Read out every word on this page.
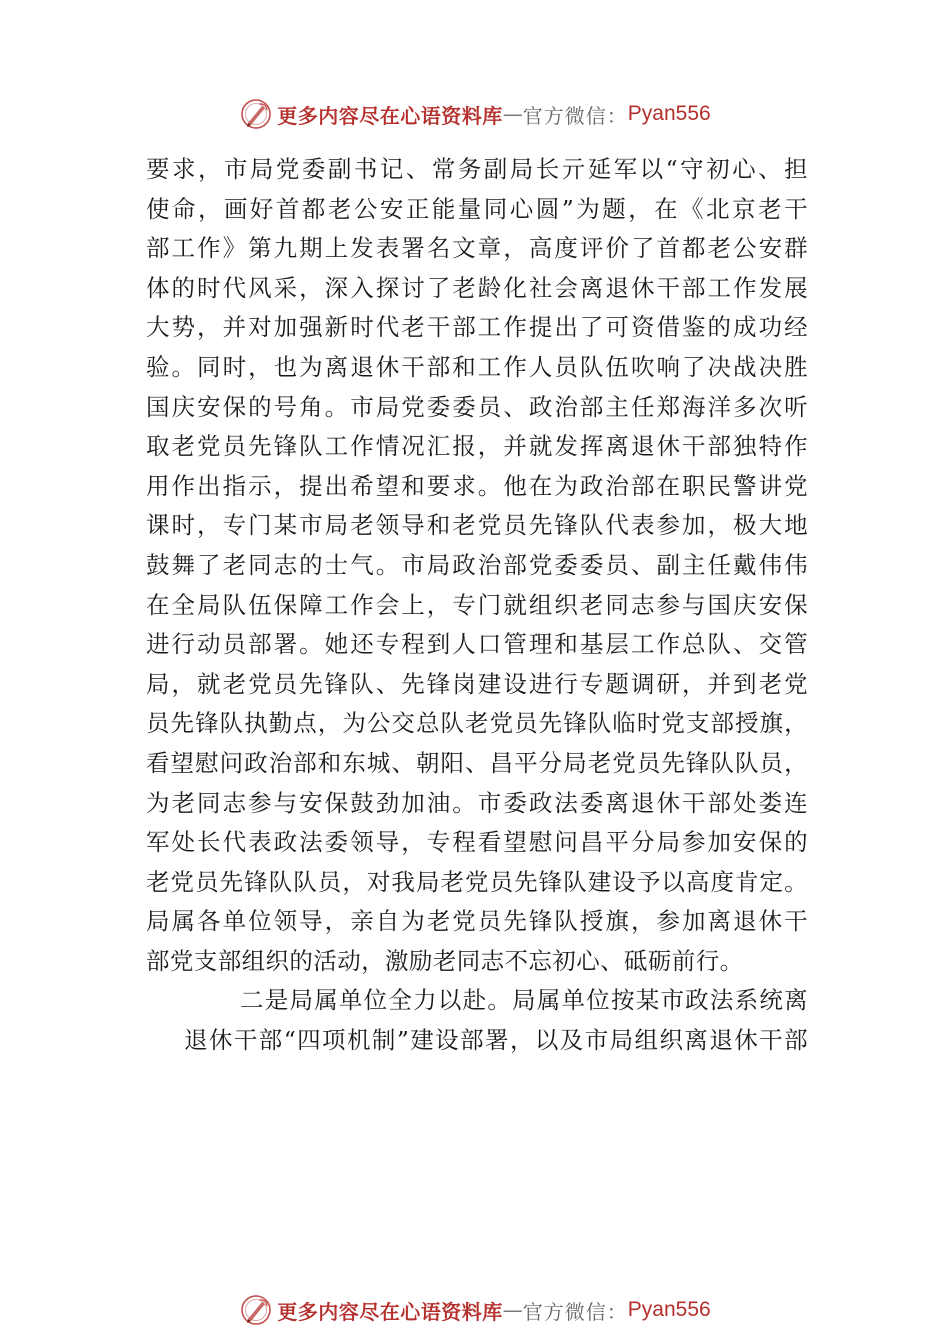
更多内容尽在心语资料库 — 官方微信： Pyan556
要求，市局党委副书记、常务副局长亓延军以“守初心、担
使命，画好首都老公安正能量同心圆”为题，在《北京老干
部工作》第九期上发表署名文章，高度评价了首都老公安群
体的时代风采，深入探讨了老龄化社会离退休干部工作发展
大势，并对加强新时代老干部工作提出了可资借鉴的成功经
验。同时，也为离退休干部和工作人员队伍吹响了决战决胜
国庆安保的号角。市局党委委员、政治部主任郑海洋多次听
取老党员先锋队工作情况汇报，并就发挥离退休干部独特作
用作出指示，提出希望和要求。他在为政治部在职民警讲党
课时，专门某市局老领导和老党员先锋队代表参加，极大地
鼓舞了老同志的士气。市局政治部党委委员、副主任戴伟伟
在全局队伍保障工作会上，专门就组织老同志参与国庆安保
进行动员部署。她还专程到人口管理和基层工作总队、交管
局，就老党员先锋队、先锋岗建设进行专题调研，并到老党
员先锋队执勤点，为公交总队老党员先锋队临时党支部授旗，
看望慰问政治部和东城、朝阳、昌平分局老党员先锋队队员，
为老同志参与安保鼓劲加油。市委政法委离退休干部处娄连
军处长代表政法委领导，专程看望慰问昌平分局参加安保的
老党员先锋队队员，对我局老党员先锋队建设予以高度肯定。
局属各单位领导，亲自为老党员先锋队授旗，参加离退休干
部党支部组织的活动，激励老同志不忘初心、砥砺前行。
二是局属单位全力以赴。局属单位按某市政法系统离
退休干部“四项机制”建设部署，以及市局组织离退休干部
更多内容尽在心语资料库 — 官方微信： Pyan556
